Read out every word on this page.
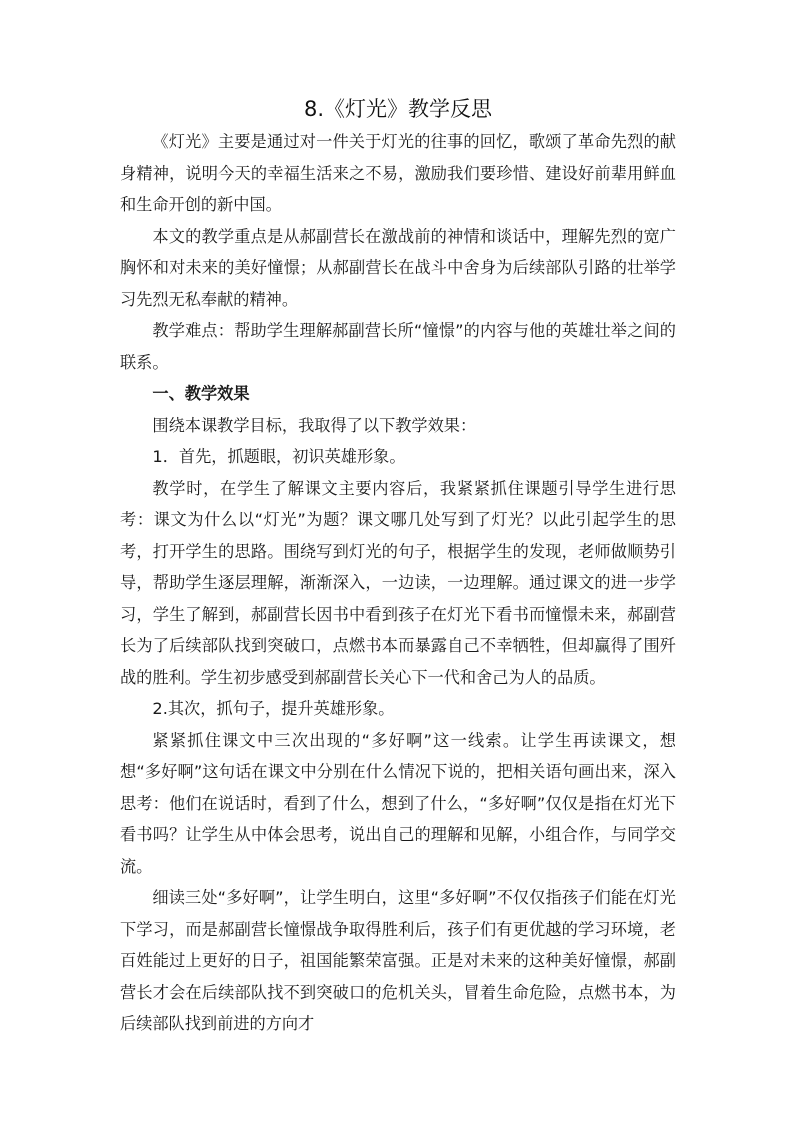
8.《灯光》教学反思

《灯光》主要是通过对一件关于灯光的往事的回忆，歌颂了革命先烈的献身精神，说明今天的幸福生活来之不易，激励我们要珍惜、建设好前辈用鲜血和生命开创的新中国。

本文的教学重点是从郝副营长在激战前的神情和谈话中，理解先烈的宽广胸怀和对未来的美好憧憬；从郝副营长在战斗中舍身为后续部队引路的壮举学习先烈无私奉献的精神。

教学难点：帮助学生理解郝副营长所“憧憬”的内容与他的英雄壮举之间的联系。

一、教学效果

围绕本课教学目标，我取得了以下教学效果：

1．首先，抓题眼，初识英雄形象。

教学时，在学生了解课文主要内容后，我紧紧抓住课题引导学生进行思考：课文为什么以“灯光”为题？课文哪几处写到了灯光？以此引起学生的思考，打开学生的思路。围绕写到灯光的句子，根据学生的发现，老师做顺势引导，帮助学生逐层理解，渐渐深入，一边读，一边理解。通过课文的进一步学习，学生了解到，郝副营长因书中看到孩子在灯光下看书而憧憬未来，郝副营长为了后续部队找到突破口，点燃书本而暴露自己不幸牺牲，但却赢得了围歼战的胜利。学生初步感受到郝副营长关心下一代和舍己为人的品质。

2.其次，抓句子，提升英雄形象。

紧紧抓住课文中三次出现的“多好啊”这一线索。让学生再读课文，想想“多好啊”这句话在课文中分别在什么情况下说的，把相关语句画出来，深入思考：他们在说话时，看到了什么，想到了什么，“多好啊”仅仅是指在灯光下看书吗？让学生从中体会思考，说出自己的理解和见解，小组合作，与同学交流。

细读三处“多好啊”，让学生明白，这里“多好啊”不仅仅指孩子们能在灯光下学习，而是郝副营长憧憬战争取得胜利后，孩子们有更优越的学习环境，老百姓能过上更好的日子，祖国能繁荣富强。正是对未来的这种美好憧憬，郝副营长才会在后续部队找不到突破口的危机关头，冒着生命危险，点燃书本，为后续部队找到前进的方向才
